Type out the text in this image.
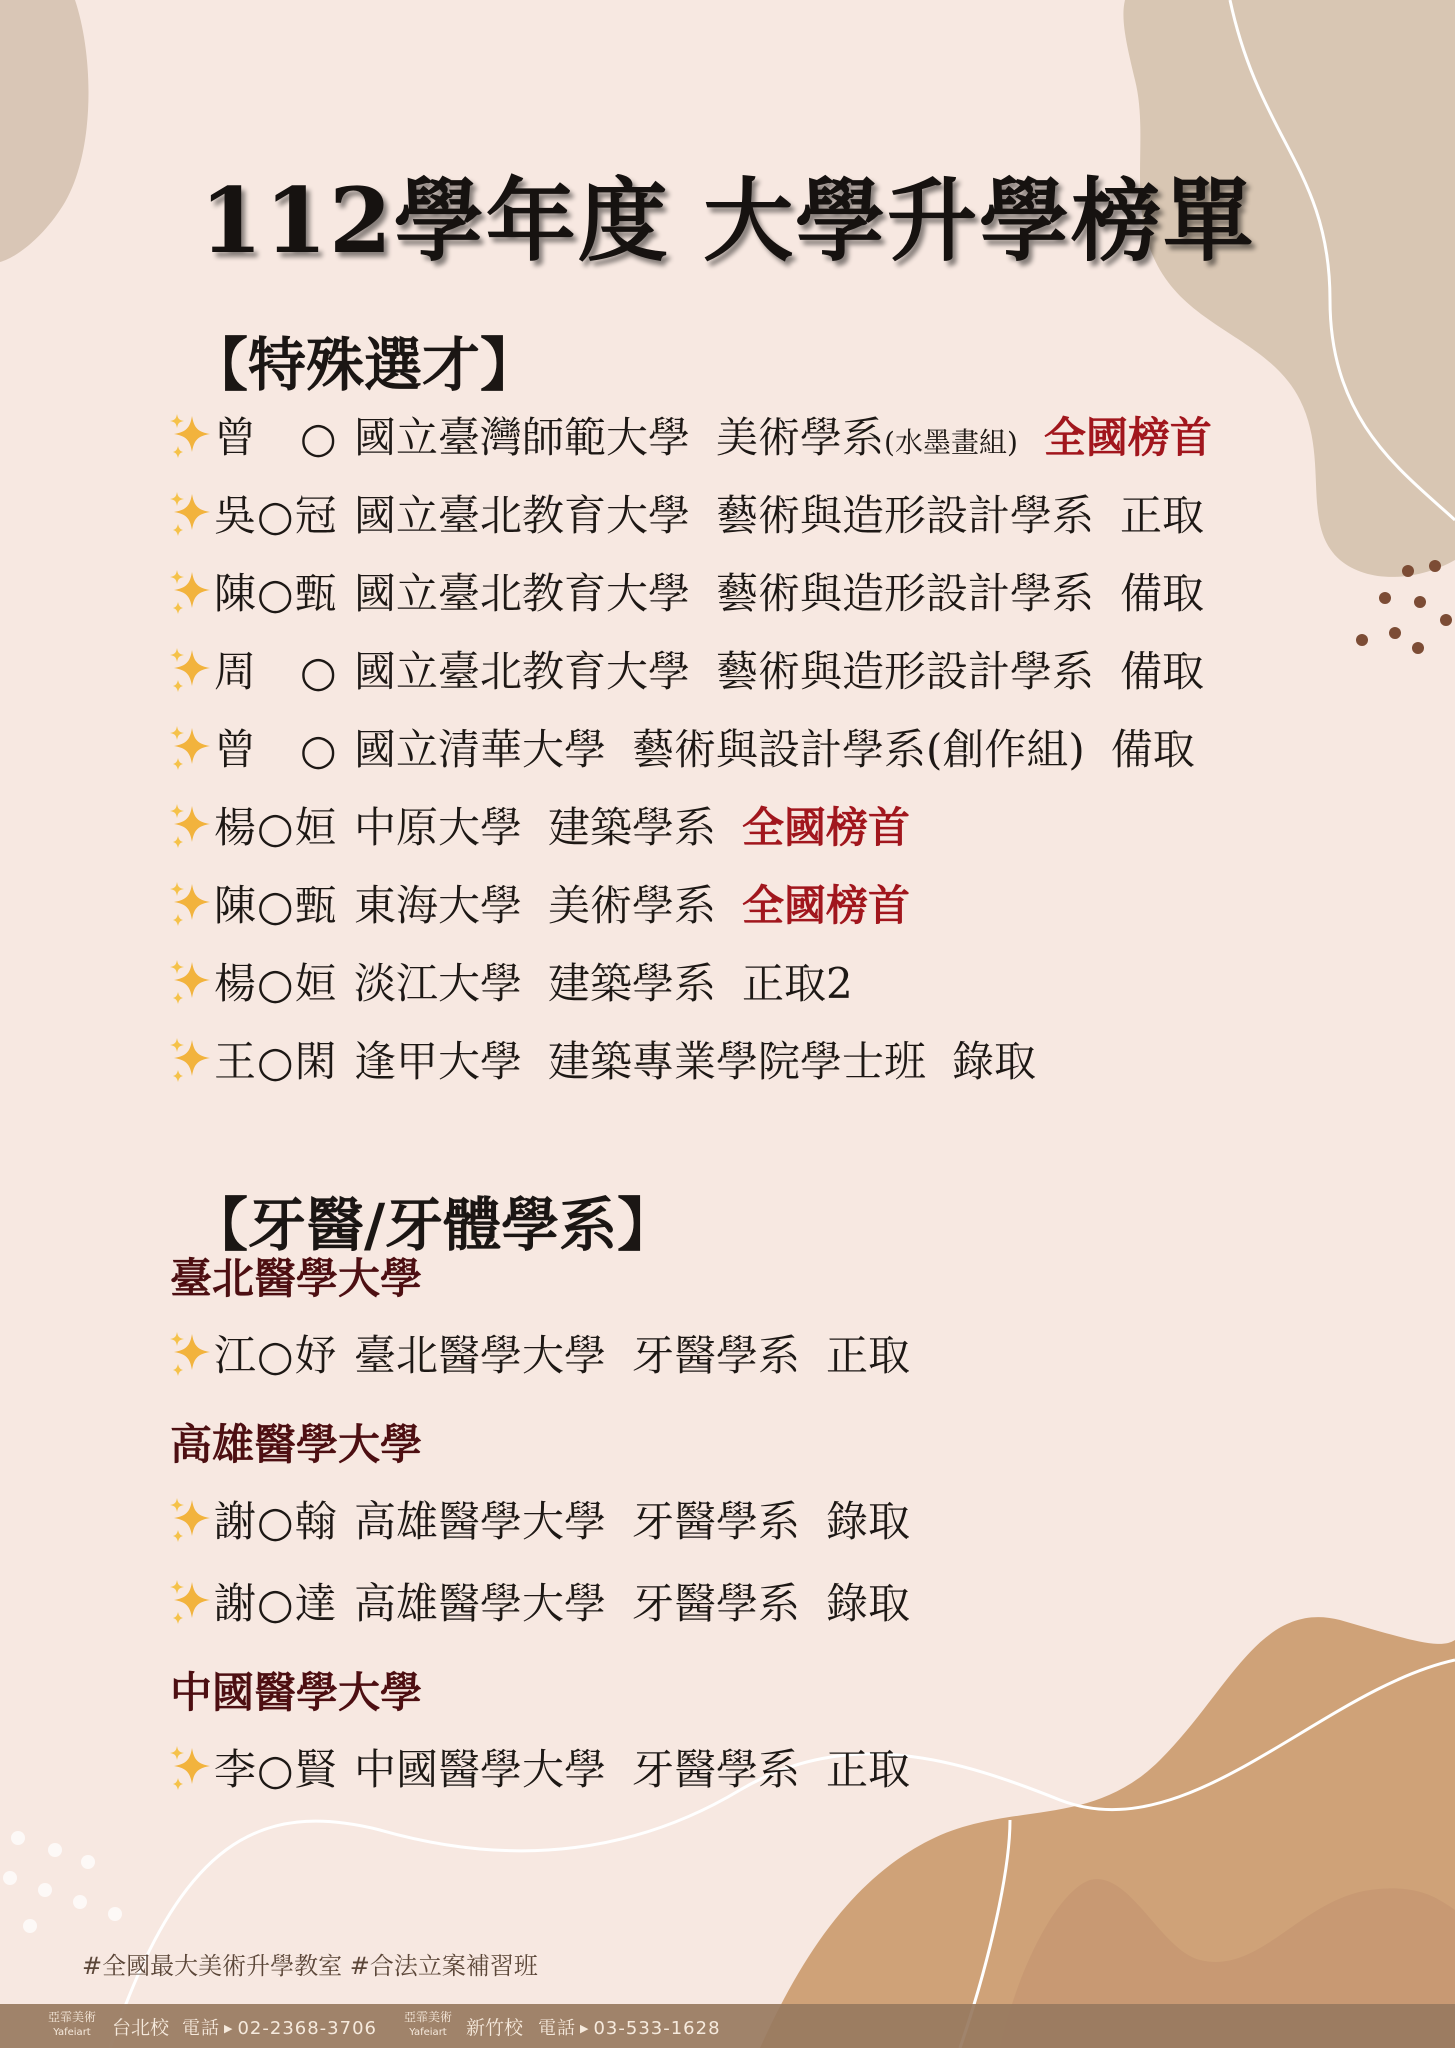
112學年度 大學升學榜單
【特殊選才】
曾　○ 國立臺灣師範大學 美術學系(水墨畫組) 全國榜首
吳○冠 國立臺北教育大學 藝術與造形設計學系 正取
陳○甄 國立臺北教育大學 藝術與造形設計學系 備取
周　○ 國立臺北教育大學 藝術與造形設計學系 備取
曾　○ 國立清華大學 藝術與設計學系(創作組) 備取
楊○姮 中原大學 建築學系 全國榜首
陳○甄 東海大學 美術學系 全國榜首
楊○姮 淡江大學 建築學系 正取2
王○閑 逢甲大學 建築專業學院學士班 錄取
【牙醫/牙體學系】
臺北醫學大學
江○妤 臺北醫學大學 牙醫學系 正取
高雄醫學大學
謝○翰 高雄醫學大學 牙醫學系 錄取
謝○達 高雄醫學大學 牙醫學系 錄取
中國醫學大學
李○賢 中國醫學大學 牙醫學系 正取
#全國最大美術升學教室 #合法立案補習班
亞霏美術
Yafeiart	台北校 電話 ▶ 02-2368-3706
亞霏美術
Yafeiart	新竹校 電話 ▶ 03-533-1628
